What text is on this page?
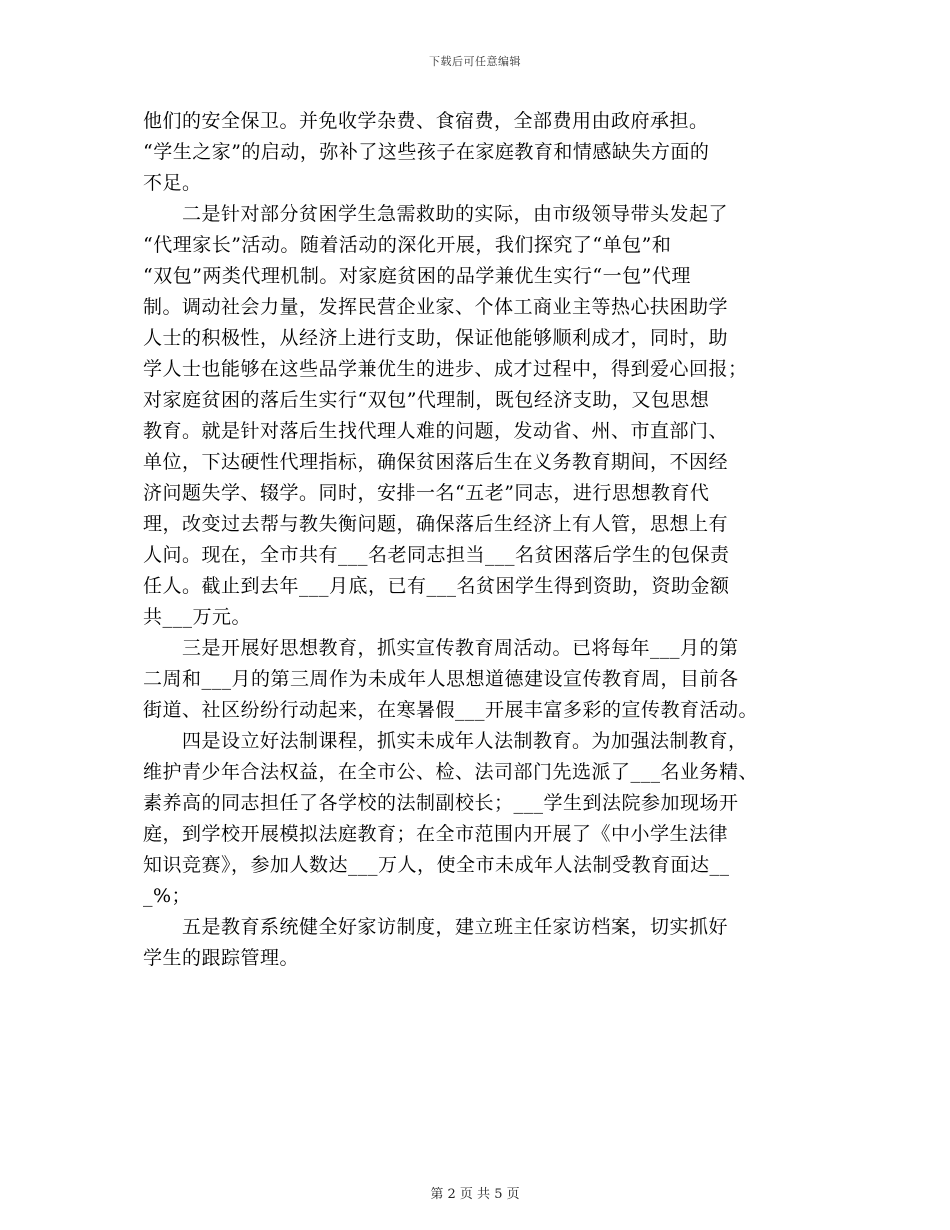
下载后可任意编辑
他们的安全保卫。并免收学杂费、食宿费，全部费用由政府承担。
“学生之家”的启动，弥补了这些孩子在家庭教育和情感缺失方面的
不足。
　　二是针对部分贫困学生急需救助的实际，由市级领导带头发起了
“代理家长”活动。随着活动的深化开展，我们探究了“单包”和
“双包”两类代理机制。对家庭贫困的品学兼优生实行“一包”代理
制。调动社会力量，发挥民营企业家、个体工商业主等热心扶困助学
人士的积极性，从经济上进行支助，保证他能够顺利成才，同时，助
学人士也能够在这些品学兼优生的进步、成才过程中，得到爱心回报；
对家庭贫困的落后生实行“双包”代理制，既包经济支助，又包思想
教育。就是针对落后生找代理人难的问题，发动省、州、市直部门、
单位，下达硬性代理指标，确保贫困落后生在义务教育期间，不因经
济问题失学、辍学。同时，安排一名“五老”同志，进行思想教育代
理，改变过去帮与教失衡问题，确保落后生经济上有人管，思想上有
人问。现在，全市共有___名老同志担当___名贫困落后学生的包保责
任人。截止到去年___月底，已有___名贫困学生得到资助，资助金额
共___万元。
　　三是开展好思想教育，抓实宣传教育周活动。已将每年___月的第
二周和___月的第三周作为未成年人思想道德建设宣传教育周，目前各
街道、社区纷纷行动起来，在寒暑假___开展丰富多彩的宣传教育活动。
　　四是设立好法制课程，抓实未成年人法制教育。为加强法制教育，
维护青少年合法权益，在全市公、检、法司部门先选派了___名业务精、
素养高的同志担任了各学校的法制副校长；___学生到法院参加现场开
庭，到学校开展模拟法庭教育；在全市范围内开展了《中小学生法律
知识竞赛》，参加人数达___万人，使全市未成年人法制受教育面达__
_%；
　　五是教育系统健全好家访制度，建立班主任家访档案，切实抓好
学生的跟踪管理。
第 2 页 共 5 页
